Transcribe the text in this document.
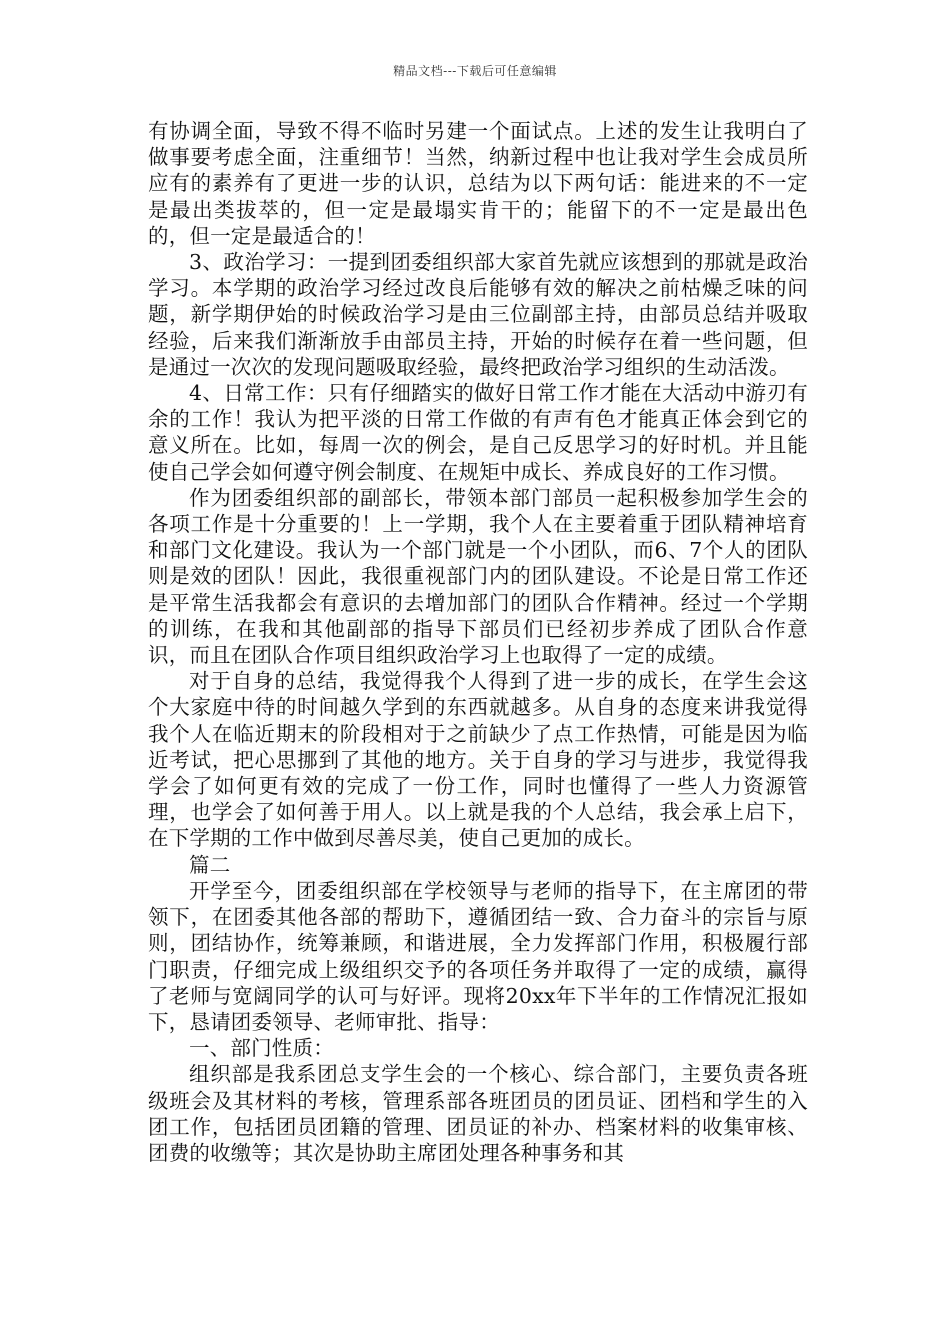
精品文档---下载后可任意编辑

有协调全面，导致不得不临时另建一个面试点。上述的发生让我明白了做事要考虑全面，注重细节！当然，纳新过程中也让我对学生会成员所应有的素养有了更进一步的认识，总结为以下两句话：能进来的不一定是最出类拔萃的，但一定是最塌实肯干的；能留下的不一定是最出色的，但一定是最适合的！

3、政治学习：一提到团委组织部大家首先就应该想到的那就是政治学习。本学期的政治学习经过改良后能够有效的解决之前枯燥乏味的问题，新学期伊始的时候政治学习是由三位副部主持，由部员总结并吸取经验，后来我们渐渐放手由部员主持，开始的时候存在着一些问题，但是通过一次次的发现问题吸取经验，最终把政治学习组织的生动活泼。

4、日常工作：只有仔细踏实的做好日常工作才能在大活动中游刃有余的工作！我认为把平淡的日常工作做的有声有色才能真正体会到它的意义所在。比如，每周一次的例会，是自己反思学习的好时机。并且能使自己学会如何遵守例会制度、在规矩中成长、养成良好的工作习惯。

作为团委组织部的副部长，带领本部门部员一起积极参加学生会的各项工作是十分重要的！上一学期，我个人在主要着重于团队精神培育和部门文化建设。我认为一个部门就是一个小团队，而6、7个人的团队则是效的团队！因此，我很重视部门内的团队建设。不论是日常工作还是平常生活我都会有意识的去增加部门的团队合作精神。经过一个学期的训练，在我和其他副部的指导下部员们已经初步养成了团队合作意识，而且在团队合作项目组织政治学习上也取得了一定的成绩。

对于自身的总结，我觉得我个人得到了进一步的成长，在学生会这个大家庭中待的时间越久学到的东西就越多。从自身的态度来讲我觉得我个人在临近期末的阶段相对于之前缺少了点工作热情，可能是因为临近考试，把心思挪到了其他的地方。关于自身的学习与进步，我觉得我学会了如何更有效的完成了一份工作，同时也懂得了一些人力资源管理，也学会了如何善于用人。以上就是我的个人总结，我会承上启下，在下学期的工作中做到尽善尽美，使自己更加的成长。

篇二

开学至今，团委组织部在学校领导与老师的指导下，在主席团的带领下，在团委其他各部的帮助下，遵循团结一致、合力奋斗的宗旨与原则，团结协作，统筹兼顾，和谐进展，全力发挥部门作用，积极履行部门职责，仔细完成上级组织交予的各项任务并取得了一定的成绩，赢得了老师与宽阔同学的认可与好评。现将20xx年下半年的工作情况汇报如下，恳请团委领导、老师审批、指导：

一、部门性质：

组织部是我系团总支学生会的一个核心、综合部门，主要负责各班级班会及其材料的考核，管理系部各班团员的团员证、团档和学生的入团工作，包括团员团籍的管理、团员证的补办、档案材料的收集审核、团费的收缴等；其次是协助主席团处理各种事务和其
